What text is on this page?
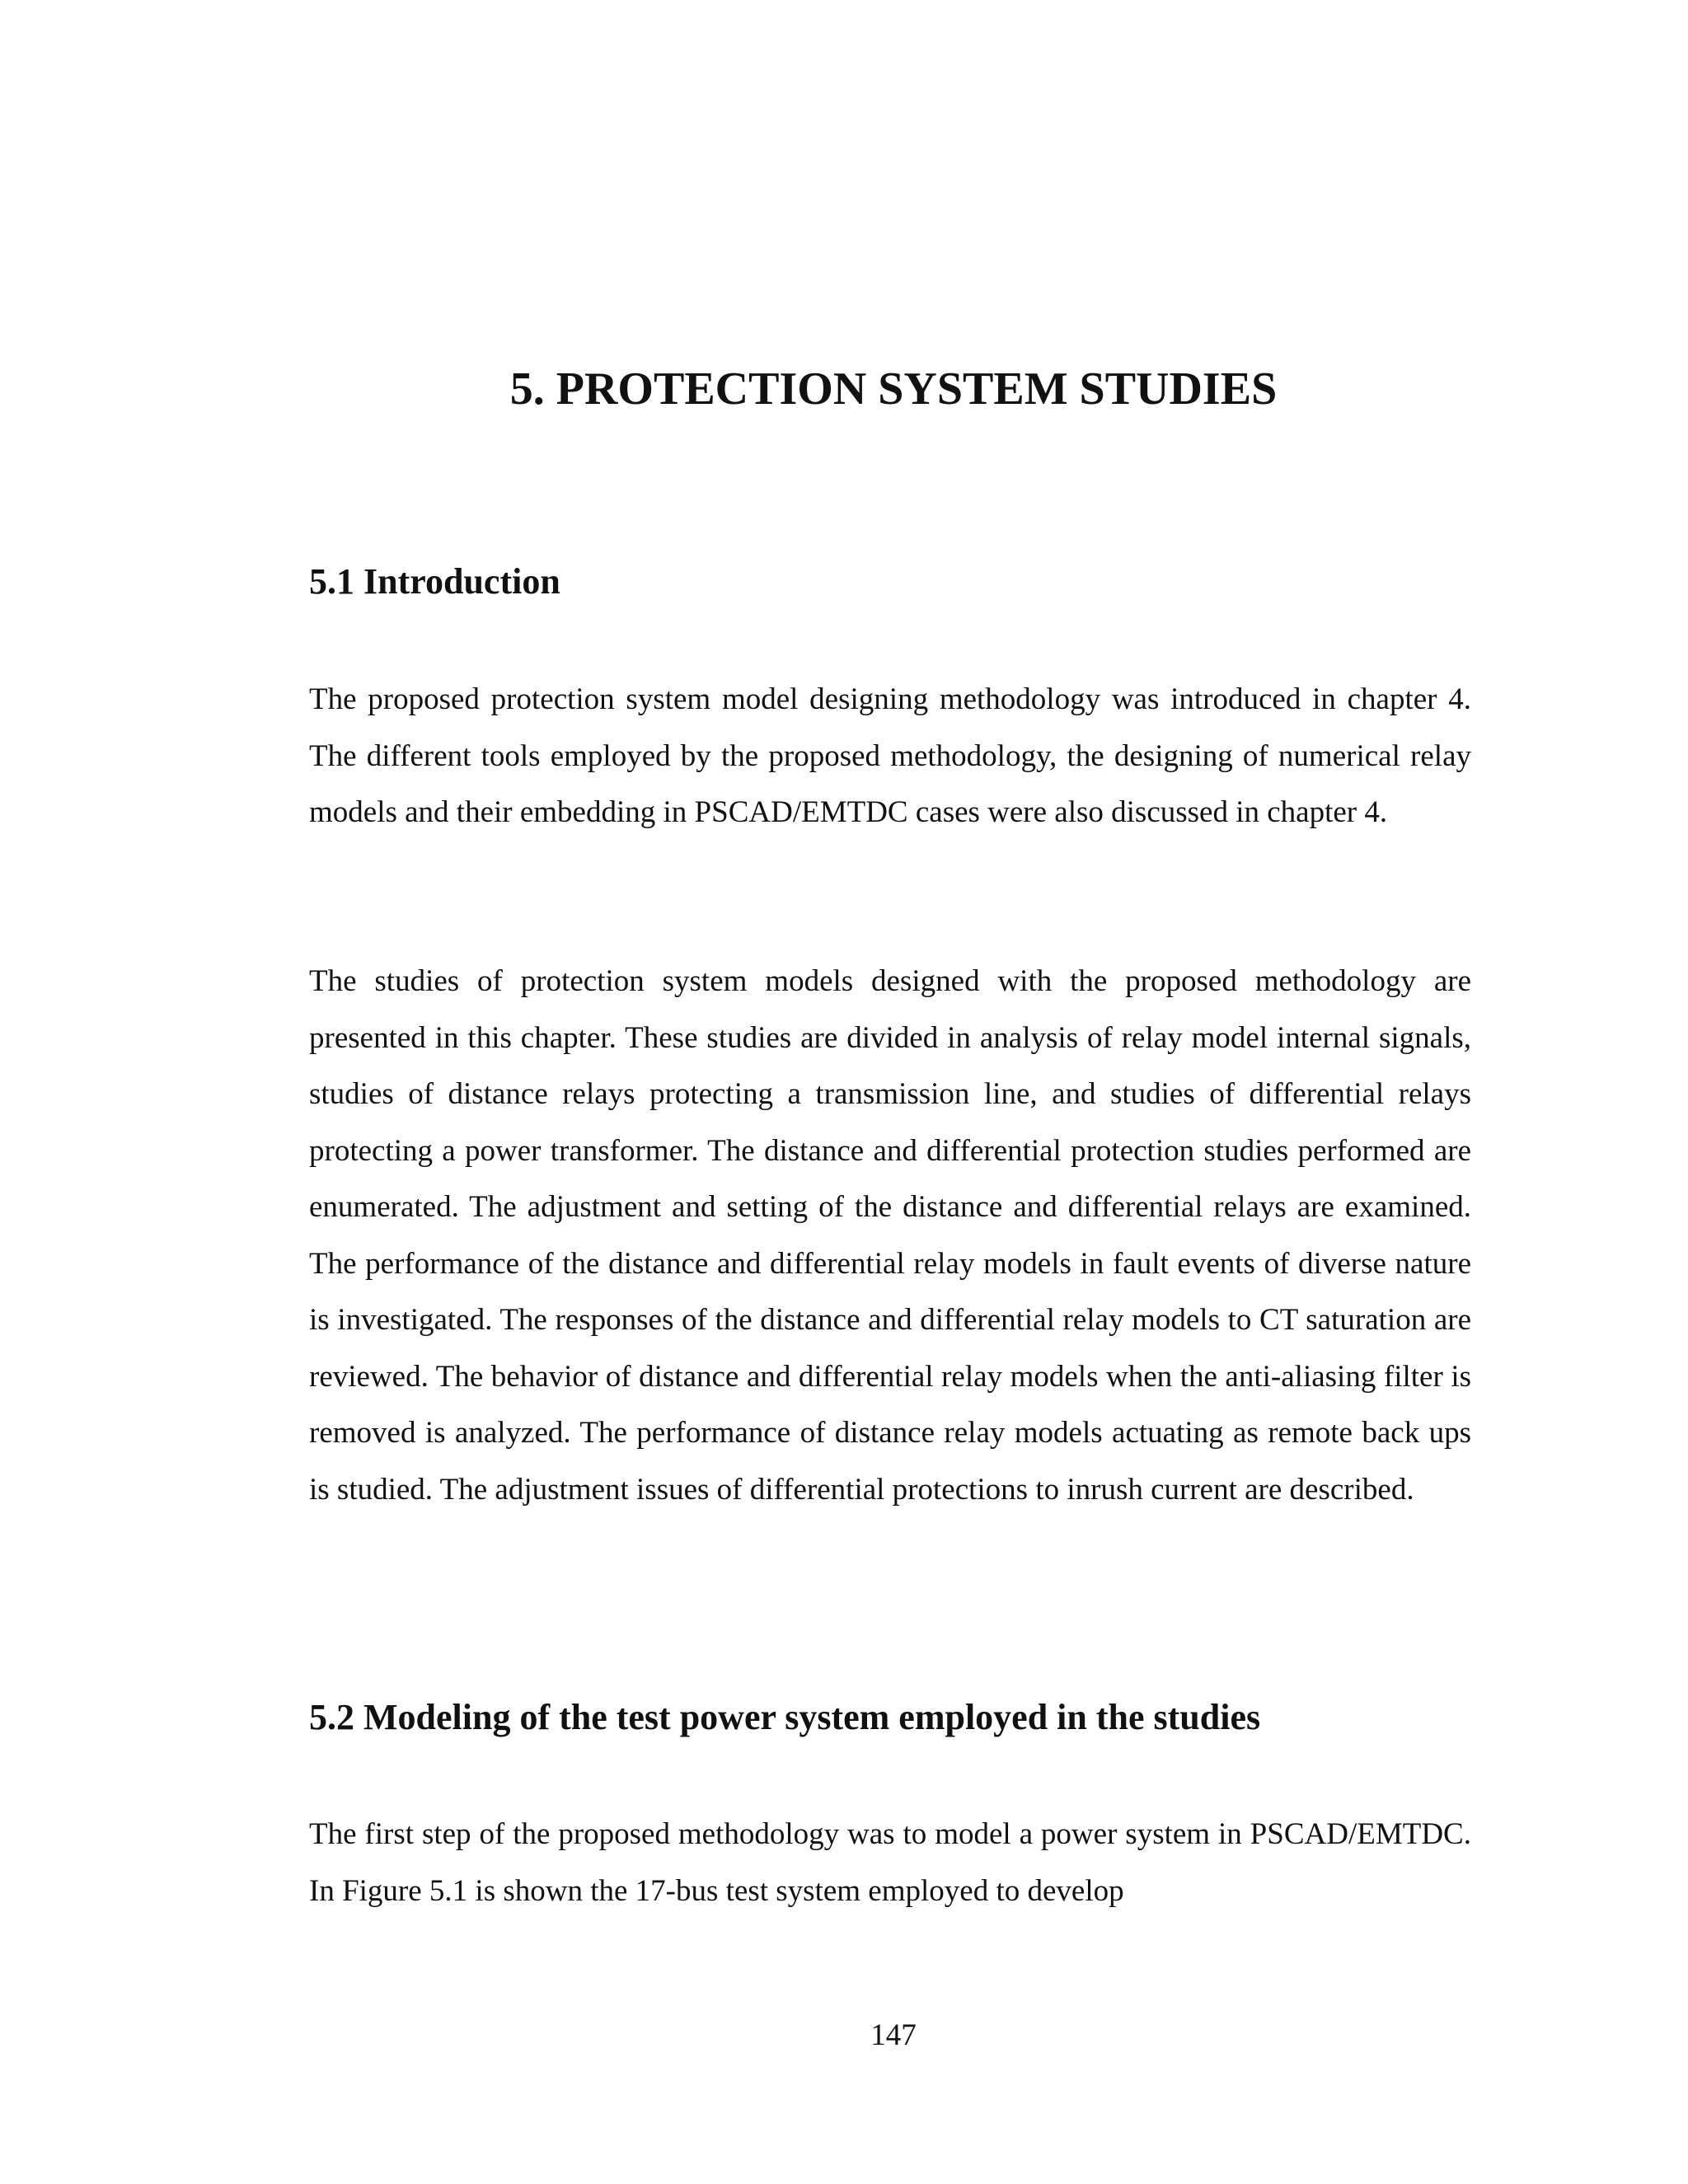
5. PROTECTION SYSTEM STUDIES
5.1 Introduction

The proposed protection system model designing methodology was introduced in chapter 4. The different tools employed by the proposed methodology, the designing of numerical relay models and their embedding in PSCAD/EMTDC cases were also discussed in chapter 4.

The studies of protection system models designed with the proposed methodology are presented in this chapter. These studies are divided in analysis of relay model internal signals, studies of distance relays protecting a transmission line, and studies of differential relays protecting a power transformer. The distance and differential protection studies performed are enumerated. The adjustment and setting of the distance and differential relays are examined. The performance of the distance and differential relay models in fault events of diverse nature is investigated. The responses of the distance and differential relay models to CT saturation are reviewed. The behavior of distance and differential relay models when the anti-aliasing filter is removed is analyzed. The performance of distance relay models actuating as remote back ups is studied. The adjustment issues of differential protections to inrush current are described.

5.2 Modeling of the test power system employed in the studies

The first step of the proposed methodology was to model a power system in PSCAD/EMTDC. In Figure 5.1 is shown the 17-bus test system employed to develop

147
